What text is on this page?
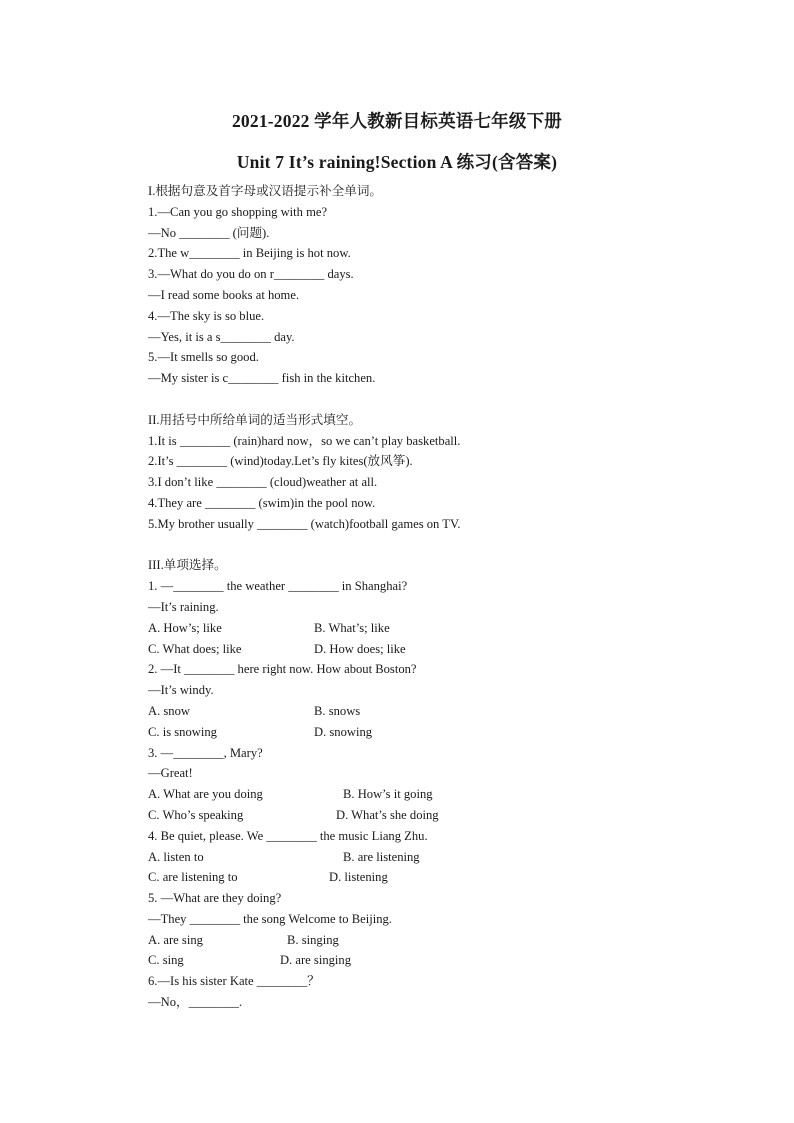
2021-2022 学年人教新目标英语七年级下册
Unit 7 It’s raining!Section A 练习(含答案)
I.根据句意及首字母或汉语提示补全单词。
1.—Can you go shopping with me?
—No ________ (问题).
2.The w________ in Beijing is hot now.
3.—What do you do on r________ days.
—I read some books at home.
4.—The sky is so blue.
—Yes, it is a s________ day.
5.—It smells so good.
—My sister is c________ fish in the kitchen.
II.用括号中所给单词的适当形式填空。
1.It is ________ (rain)hard now，so we can’t play basketball.
2.It’s ________ (wind)today.Let’s fly kites(放风筝).
3.I don’t like ________ (cloud)weather at all.
4.They are ________ (swim)in the pool now.
5.My brother usually ________ (watch)football games on TV.
III.单项选择。
1. —________ the weather ________ in Shanghai?
—It’s raining.
A. How’s; like	B. What’s; like
C. What does; like	D. How does; like
2. —It ________ here right now. How about Boston?
—It’s windy.
A. snow	B. snows
C. is snowing	D. snowing
3. —________, Mary?
—Great!
A. What are you doing	B. How’s it going
C. Who’s speaking	D. What’s she doing
4. Be quiet, please. We ________ the music Liang Zhu.
A. listen to	B. are listening
C. are listening to	D. listening
5. —What are they doing?
—They ________ the song Welcome to Beijing.
A. are sing	B. singing
C. sing	D. are singing
6.—Is his sister Kate ________？
—No，________.
